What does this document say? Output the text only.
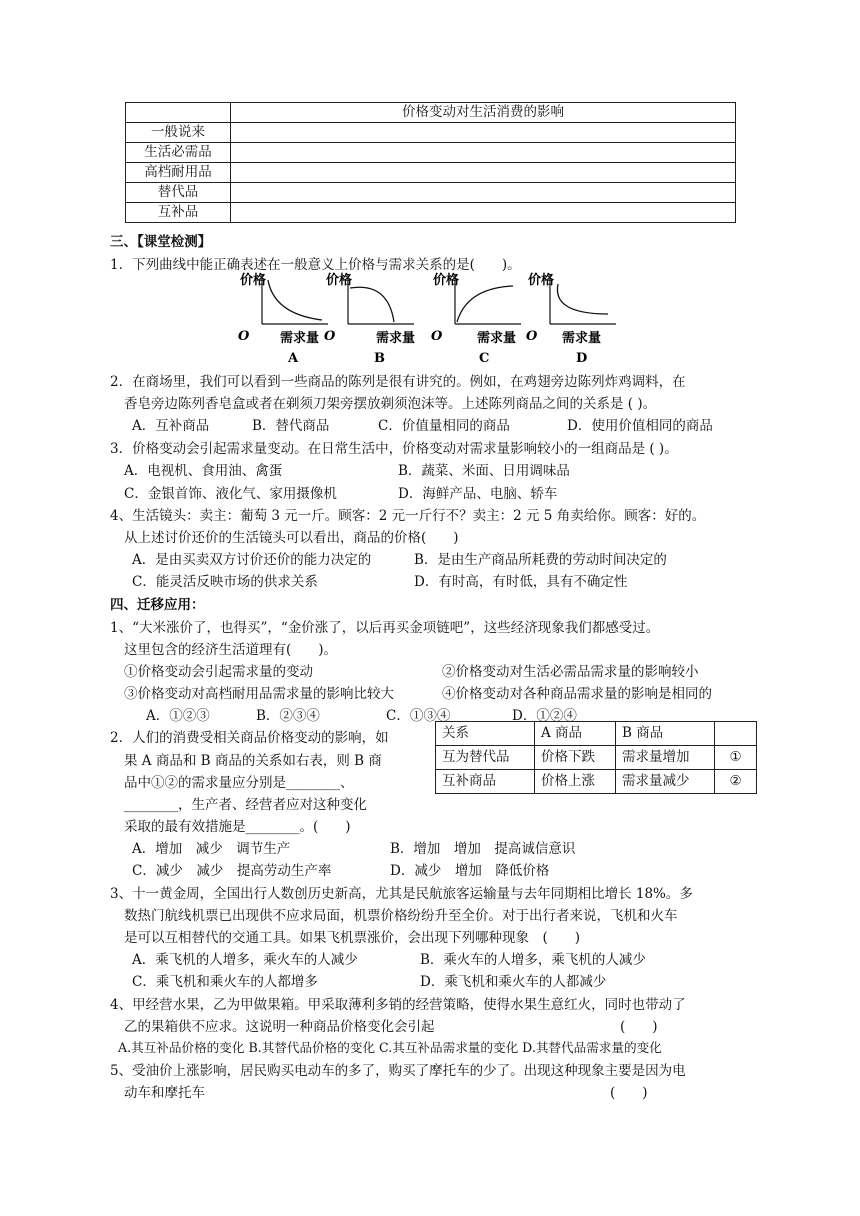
	价格变动对生活消费的影响
一般说来	
生活必需品	
高档耐用品	
替代品	
互补品	
三、【课堂检测】
1．下列曲线中能正确表述在一般意义上价格与需求关系的是(　　)。
价格
O 需求量
A
价格
O	需求量
B
价格
O	需求量
C
价格
O 需求量
D
2．在商场里，我们可以看到一些商品的陈列是很有讲究的。例如，在鸡翅旁边陈列炸鸡调料，在
香皂旁边陈列香皂盒或者在剃须刀架旁摆放剃须泡沫等。上述陈列商品之间的关系是 ( )。
A．互补商品	B．替代商品	C．价值量相同的商品	D．使用价值相同的商品
3．价格变动会引起需求量变动。在日常生活中，价格变动对需求量影响较小的一组商品是 ( )。
A．电视机、食用油、禽蛋	B．蔬菜、米面、日用调味品
C．金银首饰、液化气、家用摄像机	D．海鲜产品、电脑、轿车
4、生活镜头：卖主：葡萄 3 元一斤。顾客：2 元一斤行不？卖主：2 元 5 角卖给你。顾客：好的。
从上述讨价还价的生活镜头可以看出，商品的价格(　　)
A．是由买卖双方讨价还价的能力决定的	B．是由生产商品所耗费的劳动时间决定的
C．能灵活反映市场的供求关系	D．有时高，有时低，具有不确定性
四、迁移应用：
1、“大米涨价了，也得买”，“金价涨了，以后再买金项链吧”，这些经济现象我们都感受过。
这里包含的经济生活道理有(　　)。
①价格变动会引起需求量的变动	②价格变动对生活必需品需求量的影响较小
③价格变动对高档耐用品需求量的影响比较大	④价格变动对各种商品需求量的影响是相同的
A．①②③	B．②③④	C．①③④	D．①②④
2．人们的消费受相关商品价格变动的影响，如
果 A 商品和 B 商品的关系如右表，则 B 商
品中①②的需求量应分别是________、
________，生产者、经营者应对这种变化
采取的最有效措施是________。(　　)
关系	A 商品	B 商品	
互为替代品	价格下跌	需求量增加	①
互补商品	价格上涨	需求量减少	②
A．增加　减少　调节生产	B．增加　增加　提高诚信意识
C．减少　减少　提高劳动生产率	D．减少　增加　降低价格
3、十一黄金周，全国出行人数创历史新高，尤其是民航旅客运输量与去年同期相比增长 18%。多
数热门航线机票已出现供不应求局面，机票价格纷纷升至全价。对于出行者来说，飞机和火车
是可以互相替代的交通工具。如果飞机票涨价，会出现下列哪种现象　(　　)
A．乘飞机的人增多，乘火车的人减少	B．乘火车的人增多，乘飞机的人减少
C．乘飞机和乘火车的人都增多	D．乘飞机和乘火车的人都减少
4、甲经营水果，乙为甲做果箱。甲采取薄利多销的经营策略，使得水果生意红火，同时也带动了
乙的果箱供不应求。这说明一种商品价格变化会引起	(　　)
A.其互补品价格的变化 B.其替代品价格的变化 C.其互补品需求量的变化 D.其替代品需求量的变化
5、受油价上涨影响，居民购买电动车的多了，购买了摩托车的少了。出现这种现象主要是因为电
动车和摩托车	(　　)
